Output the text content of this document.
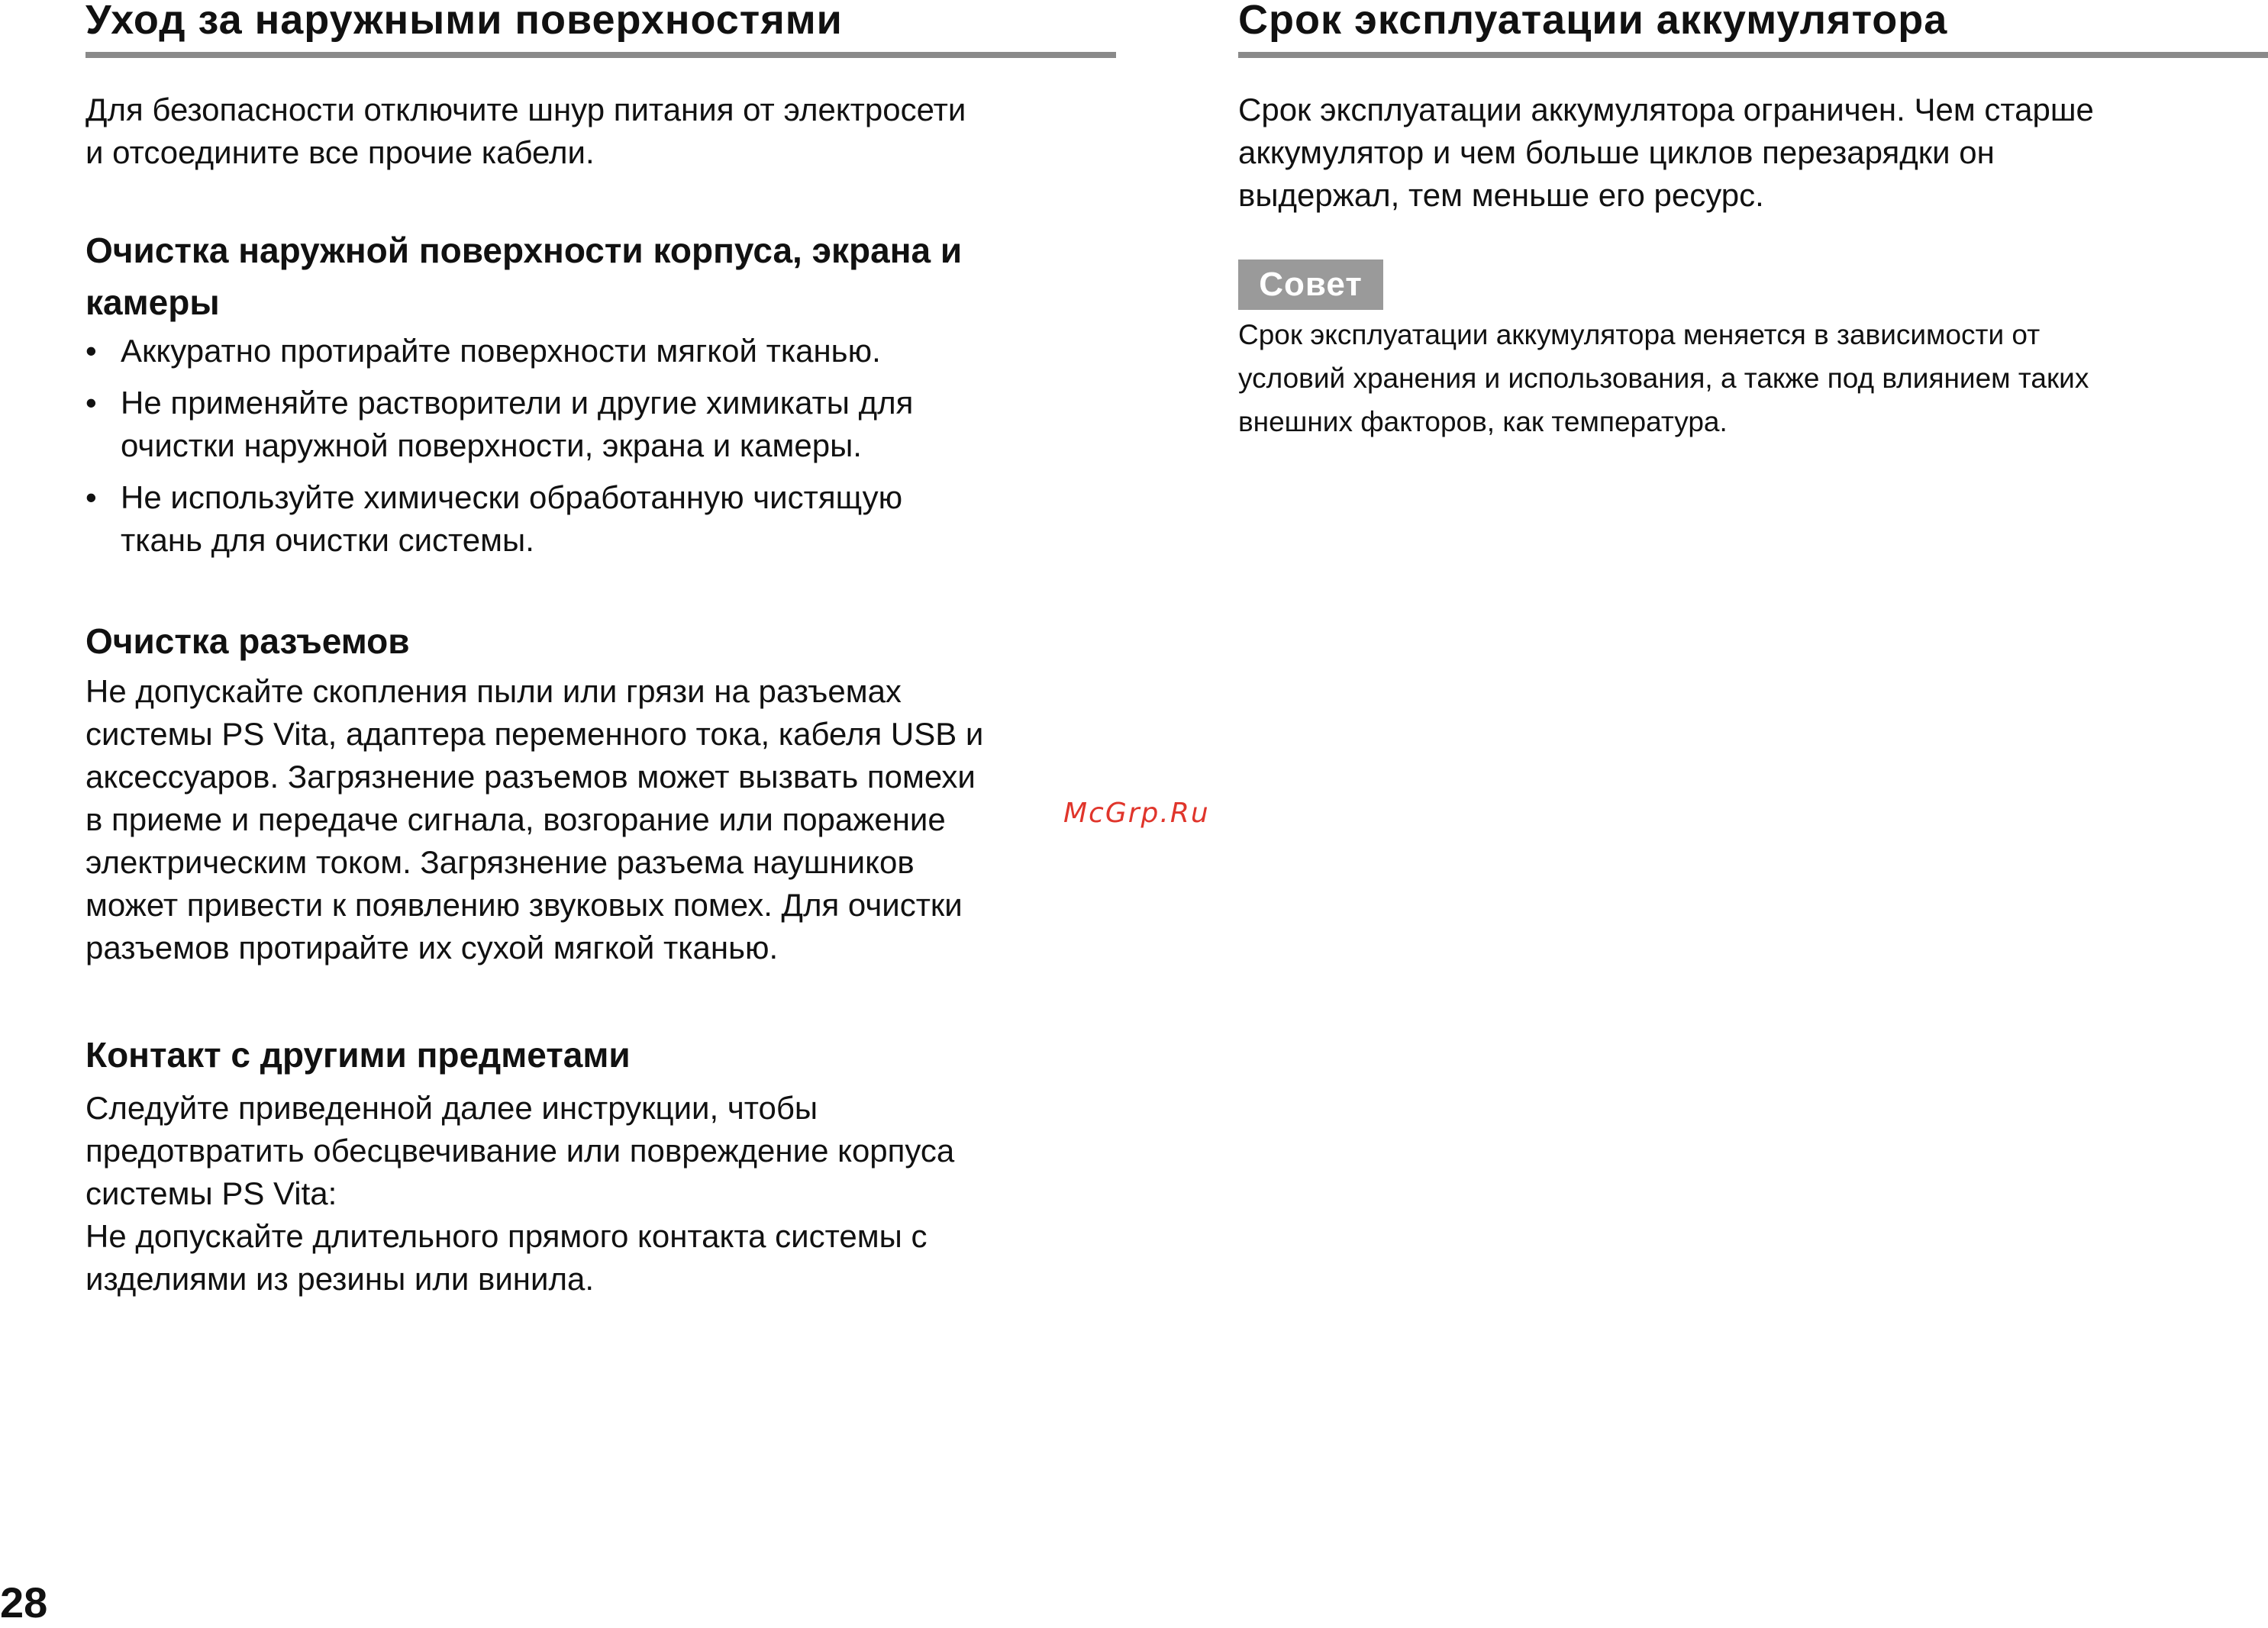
Уход за наружными поверхностями

Для безопасности отключите шнур питания от электросети
и отсоедините все прочие кабели.

Очистка наружной поверхности корпуса, экрана и
камеры
• Аккуратно протирайте поверхности мягкой тканью.
• Не применяйте растворители и другие химикаты для
очистки наружной поверхности, экрана и камеры.
• Не используйте химически обработанную чистящую
ткань для очистки системы.
Очистка разъемов

Не допускайте скопления пыли или грязи на разъемах
системы PS Vita, адаптера переменного тока, кабеля USB и
аксессуаров. Загрязнение разъемов может вызвать помехи
в приеме и передаче сигнала, возгорание или поражение
электрическим током. Загрязнение разъема наушников
может привести к появлению звуковых помех. Для очистки
разъемов протирайте их сухой мягкой тканью.

Контакт с другими предметами

Следуйте приведенной далее инструкции, чтобы
предотвратить обесцвечивание или повреждение корпуса
системы PS Vita:
Не допускайте длительного прямого контакта системы с
изделиями из резины или винила.

Срок эксплуатации аккумулятора

Срок эксплуатации аккумулятора ограничен. Чем старше
аккумулятор и чем больше циклов перезарядки он
выдержал, тем меньше его ресурс.

Совет

Срок эксплуатации аккумулятора меняется в зависимости от
условий хранения и использования, а также под влиянием таких
внешних факторов, как температура.

McGrp.Ru
28
